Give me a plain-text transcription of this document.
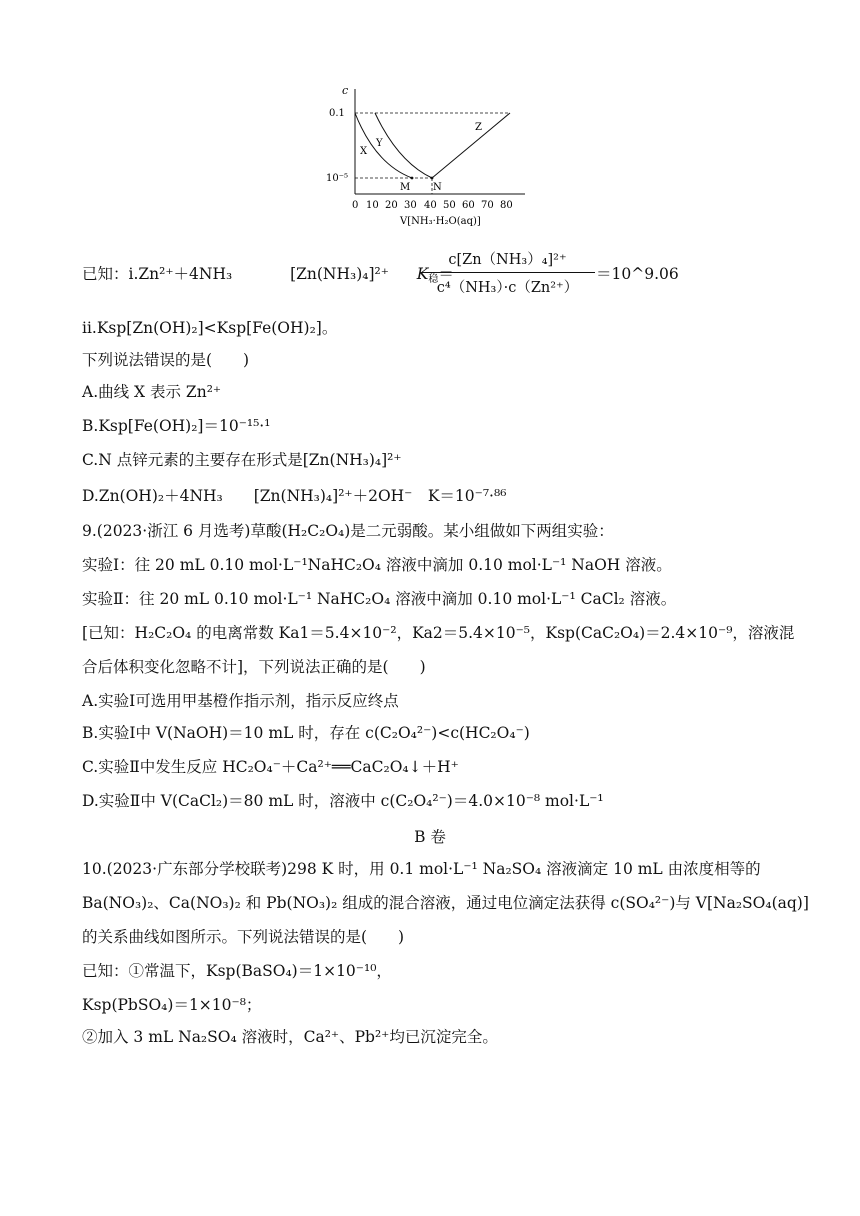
c
0.1
10⁻⁵
X
Y
Z
M N
0 10 20 30 40 50 60 70 80
V[NH₃·H₂O(aq)]
已知：ⅰ.Zn²⁺＋4NH₃	[Zn(NH₃)₄]²⁺ $K_稳=$
$\frac{\text{c[Zn（NH₃）₄]²⁺}}{\text{c⁴（NH₃）·c（Zn²⁺）}}$ ＝10^9.06
ⅱ.Ksp[Zn(OH)₂]<Ksp[Fe(OH)₂]。
下列说法错误的是(　　)
A.曲线 X 表示 Zn²⁺
B.Ksp[Fe(OH)₂]＝10⁻¹⁵·¹
C.N 点锌元素的主要存在形式是[Zn(NH₃)₄]²⁺
D.Zn(OH)₂＋4NH₃　　[Zn(NH₃)₄]²⁺＋2OH⁻　K＝10⁻⁷·⁸⁶
9.(2023·浙江 6 月选考)草酸(H₂C₂O₄)是二元弱酸。某小组做如下两组实验：
实验Ⅰ：往 20 mL 0.10 mol·L⁻¹NaHC₂O₄ 溶液中滴加 0.10 mol·L⁻¹ NaOH 溶液。
实验Ⅱ：往 20 mL 0.10 mol·L⁻¹ NaHC₂O₄ 溶液中滴加 0.10 mol·L⁻¹ CaCl₂ 溶液。
[已知：H₂C₂O₄ 的电离常数 Ka1＝5.4×10⁻²，Ka2＝5.4×10⁻⁵，Ksp(CaC₂O₄)＝2.4×10⁻⁹，溶液混
合后体积变化忽略不计]，下列说法正确的是(　　)
A.实验Ⅰ可选用甲基橙作指示剂，指示反应终点
B.实验Ⅰ中 V(NaOH)＝10 mL 时，存在 c(C₂O₄²⁻)<c(HC₂O₄⁻)
C.实验Ⅱ中发生反应 HC₂O₄⁻＋Ca²⁺══CaC₂O₄↓＋H⁺
D.实验Ⅱ中 V(CaCl₂)＝80 mL 时，溶液中 c(C₂O₄²⁻)＝4.0×10⁻⁸ mol·L⁻¹
B 卷
10.(2023·广东部分学校联考)298 K 时，用 0.1 mol·L⁻¹ Na₂SO₄ 溶液滴定 10 mL 由浓度相等的
Ba(NO₃)₂、Ca(NO₃)₂ 和 Pb(NO₃)₂ 组成的混合溶液，通过电位滴定法获得 c(SO₄²⁻)与 V[Na₂SO₄(aq)]
的关系曲线如图所示。下列说法错误的是(　　)
已知：①常温下，Ksp(BaSO₄)＝1×10⁻¹⁰，
Ksp(PbSO₄)＝1×10⁻⁸；
②加入 3 mL Na₂SO₄ 溶液时，Ca²⁺、Pb²⁺均已沉淀完全。
